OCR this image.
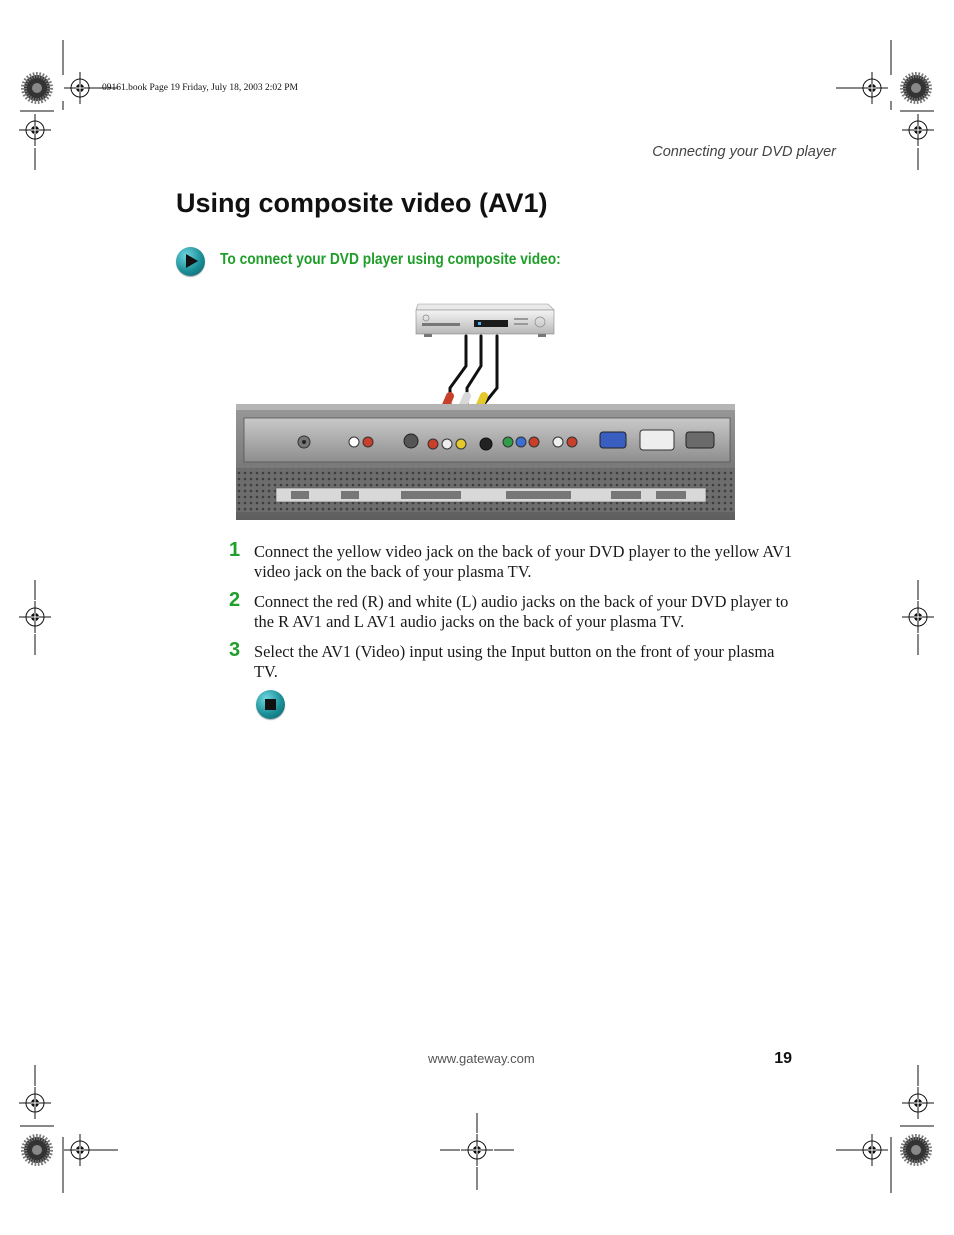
09161.book Page 19 Friday, July 18, 2003 2:02 PM
Connecting your DVD player
Using composite video (AV1)
To connect your DVD player using composite video:
1 Connect the yellow video jack on the back of your DVD player to the yellow AV1 video jack on the back of your plasma TV.
2 Connect the red (R) and white (L) audio jacks on the back of your DVD player to the R AV1 and L AV1 audio jacks on the back of your plasma TV.
3 Select the AV1 (Video) input using the Input button on the front of your plasma TV.
www.gateway.com	19
